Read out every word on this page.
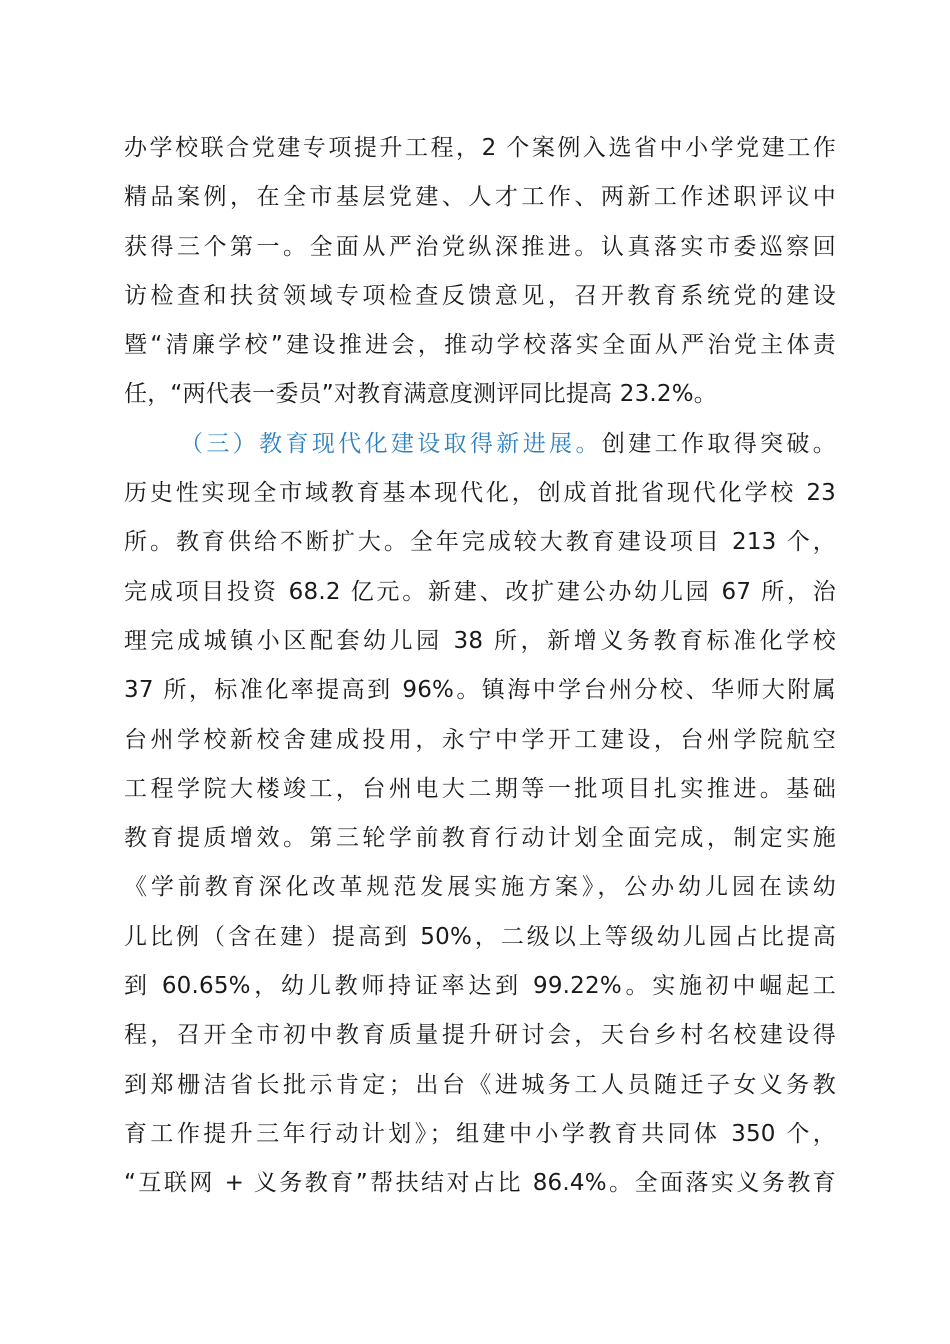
办学校联合党建专项提升工程，2 个案例入选省中小学党建工作
精品案例，在全市基层党建、人才工作、两新工作述职评议中
获得三个第一。全面从严治党纵深推进。认真落实市委巡察回
访检查和扶贫领域专项检查反馈意见，召开教育系统党的建设
暨“清廉学校”建设推进会，推动学校落实全面从严治党主体责
任，“两代表一委员”对教育满意度测评同比提高 23.2%。
（三）教育现代化建设取得新进展。创建工作取得突破。
历史性实现全市域教育基本现代化，创成首批省现代化学校 23
所。教育供给不断扩大。全年完成较大教育建设项目 213 个，
完成项目投资 68.2 亿元。新建、改扩建公办幼儿园 67 所，治
理完成城镇小区配套幼儿园 38 所，新增义务教育标准化学校
37 所，标准化率提高到 96%。镇海中学台州分校、华师大附属
台州学校新校舍建成投用，永宁中学开工建设，台州学院航空
工程学院大楼竣工，台州电大二期等一批项目扎实推进。基础
教育提质增效。第三轮学前教育行动计划全面完成，制定实施
《学前教育深化改革规范发展实施方案》，公办幼儿园在读幼
儿比例（含在建）提高到 50%，二级以上等级幼儿园占比提高
到 60.65%，幼儿教师持证率达到 99.22%。实施初中崛起工
程，召开全市初中教育质量提升研讨会，天台乡村名校建设得
到郑栅洁省长批示肯定；出台《进城务工人员随迁子女义务教
育工作提升三年行动计划》；组建中小学教育共同体 350 个，
“互联网 + 义务教育”帮扶结对占比 86.4%。全面落实义务教育
